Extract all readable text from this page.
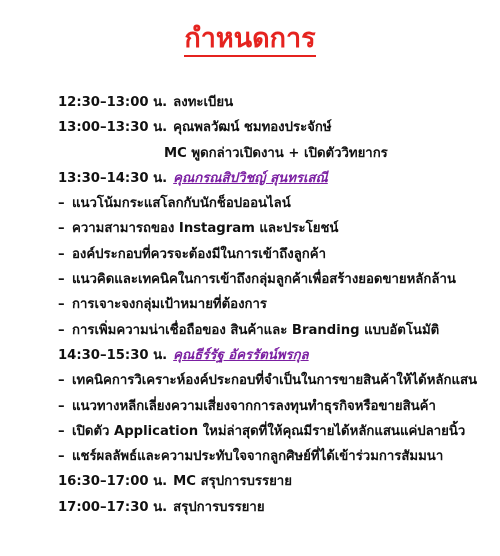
กำหนดการ
12:30–13:00 น. ลงทะเบียน
13:00–13:30 น. คุณพลวัฒน์ ชมทองประจักษ์
MC พูดกล่าวเปิดงาน + เปิดตัววิทยากร
13:30–14:30 น. คุณกรณสิปวิชญ์ สุนทรเสณี
– แนวโน้มกระแสโลกกับนักช็อปออนไลน์
– ความสามารถของ Instagram และประโยชน์
– องค์ประกอบที่ควรจะต้องมีในการเข้าถึงลูกค้า
– แนวคิดและเทคนิคในการเข้าถึงกลุ่มลูกค้าเพื่อสร้างยอดขายหลักล้าน
– การเจาะจงกลุ่มเป้าหมายที่ต้องการ
– การเพิ่มความน่าเชื่อถือของ สินค้าและ Branding แบบอัตโนมัติ
14:30–15:30 น. คุณธีร์รัฐ อัครรัตน์พรกุล
– เทคนิคการวิเคราะห์องค์ประกอบที่จำเป็นในการขายสินค้าให้ได้หลักแสน
– แนวทางหลีกเลี่ยงความเสี่ยงจากการลงทุนทำธุรกิจหรือขายสินค้า
– เปิดตัว Application ใหม่ล่าสุดที่ให้คุณมีรายได้หลักแสนแค่ปลายนิ้ว
– แชร์ผลลัพธ์และความประทับใจจากลูกศิษย์ที่ได้เข้าร่วมการสัมมนา
16:30–17:00 น. MC สรุปการบรรยาย
17:00–17:30 น. สรุปการบรรยาย
